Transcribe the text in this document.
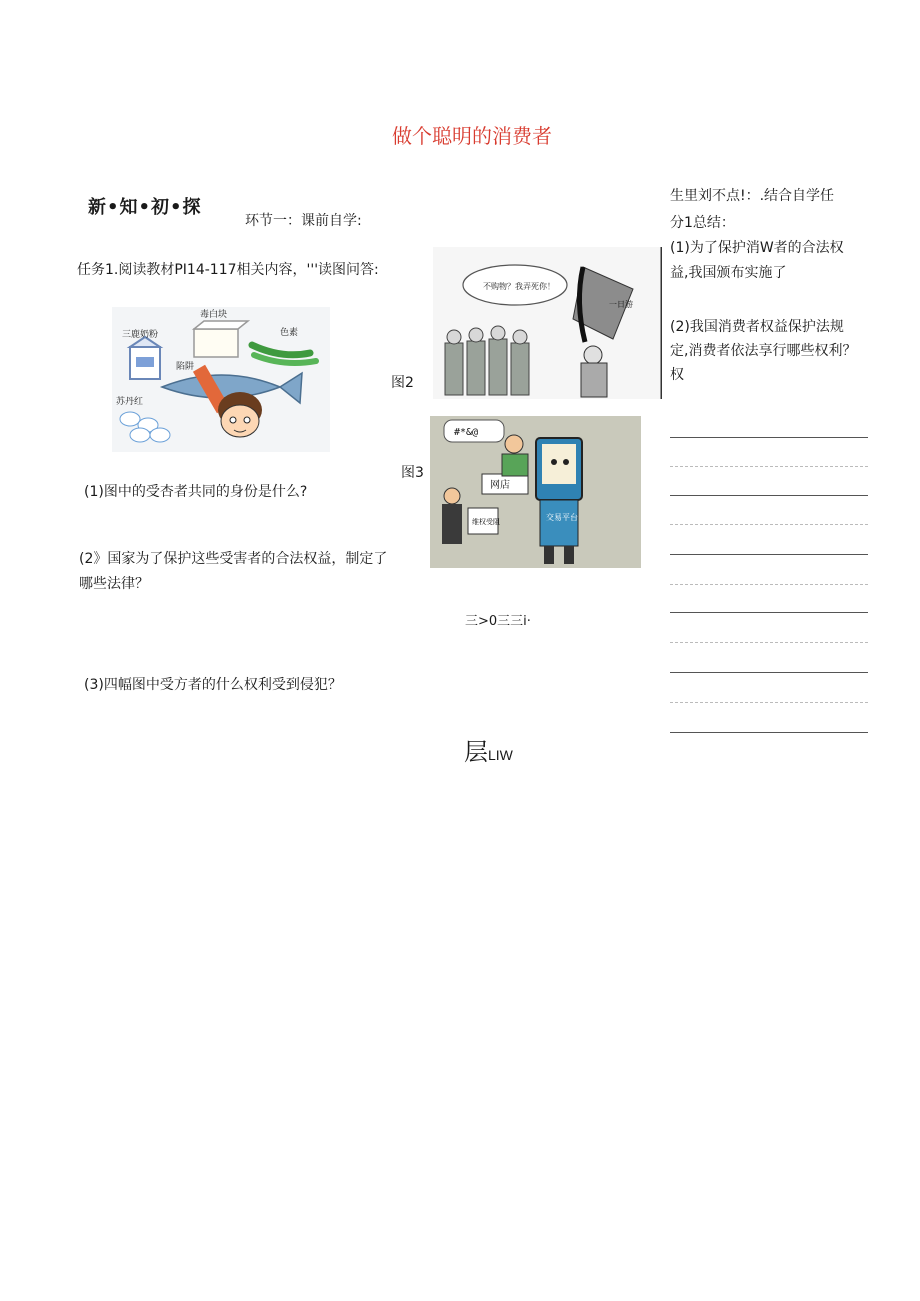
做个聪明的消费者
新•知•初•探
环节一：课前自学:
任务1.阅读教材PI14-117相关内容，'''读图问答:
三鹿奶粉
苏丹红
毒白块
色素
陷阱
不购物？我弄死你！
一日游
#*&@
网店
交易平台
维权受阻
图2
图3
(1)图中的受杏者共同的身份是什么?
(2》国家为了保护这些受害者的合法权益，制定了
哪些法律？
(3)四幅图中受方者的什么权利受到侵犯？
三>0三三i·
层LIW
生里刘不点!：.结合自学任
分1总结：
(1)为了保护消W者的合法权
益,我国颁布实施了
(2)我国消费者权益保护法规
定,消费者依法享行哪些权利？
权
